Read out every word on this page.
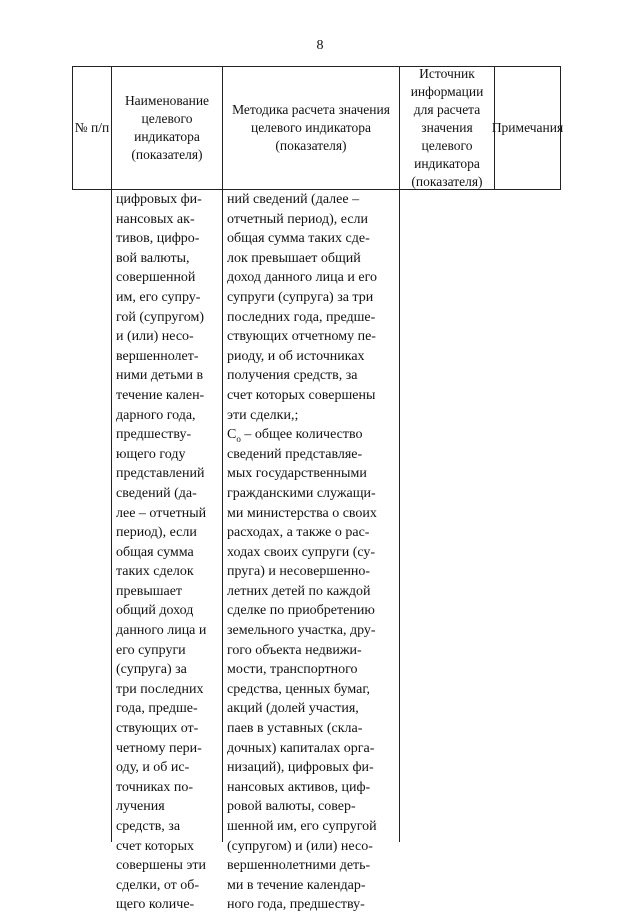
8
№ п/п
Наименование целевого индикатора (показателя)
Методика расчета значения целевого индикатора (показателя)
Источник информации для расчета значения целевого индикатора (показателя)
Примечания
цифровых фи-
нансовых ак-
тивов, цифро-
вой валюты,
совершенной
им, его супру-
гой (супругом)
и (или) несо-
вершеннолет-
ними детьми в
течение кален-
дарного года,
предшеству-
ющего году
представлений
сведений (да-
лее – отчетный
период), если
общая сумма
таких сделок
превышает
общий доход
данного лица и
его супруги
(супруга) за
три последних
года, предше-
ствующих от-
четному пери-
оду, и об ис-
точниках по-
лучения
средств, за
счет которых
совершены эти
сделки, от об-
щего количе-
ний сведений (далее –
отчетный период), если
общая сумма таких сде-
лок превышает общий
доход данного лица и его
супруги (супруга) за три
последних года, предше-
ствующих отчетному пе-
риоду, и об источниках
получения средств, за
счет которых совершены
эти сделки,;
$C_о$ – общее количество
сведений представляе-
мых государственными
гражданскими служащи-
ми министерства о своих
расходах, а также о рас-
ходах своих супруги (су-
пруга) и несовершенно-
летних детей по каждой
сделке по приобретению
земельного участка, дру-
гого объекта недвижи-
мости, транспортного
средства, ценных бумаг,
акций (долей участия,
паев в уставных (скла-
дочных) капиталах орга-
низаций), цифровых фи-
нансовых активов, циф-
ровой валюты, совер-
шенной им, его супругой
(супругом) и (или) несо-
вершеннолетними деть-
ми в течение календар-
ного года, предшеству-
